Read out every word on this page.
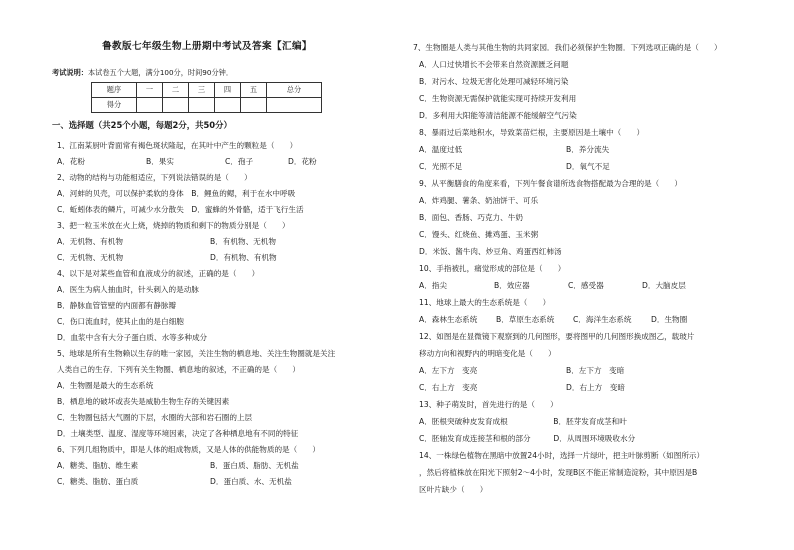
鲁教版七年级生物上册期中考试及答案【汇编】
考试说明：本试卷五个大题，满分100分，时间90分钟．
题序	一	二	三	四	五	总分
得分						
一、选择题（共25个小题，每题2分，共50分）
1、江南某厨叶背面常有褐色斑状隆起，在其叶中产生的颗粒是（　　）
A．花粉	B．果实	C．孢子	D．花粉
2、动物的结构与功能相适应，下列说法错误的是（　　）
A．河蚌的贝壳，可以保护柔软的身体　B．鲤鱼的鳃，利于在水中呼吸
C．蚯蚓体表的鳞片，可减少水分散失　D．蜜蜂的外骨骼，适于飞行生活
3、把一粒玉米放在火上烧，烧掉的物质和剩下的物质分别是（　　）
A．无机物、有机物	B．有机物、无机物
C．无机物、无机物	D．有机物、有机物
4、以下是对某些血管和血液成分的叙述，正确的是（　　）
A．医生为病人抽血时，针头刺入的是动脉
B．静脉血管管壁的内面都有静脉瓣
C．伤口流血时，使其止血的是白细胞
D．血浆中含有大分子蛋白质、水等多种成分
5、地球是所有生物赖以生存的唯一家园，关注生物的栖息地、关注生物圈就是关注
人类自己的生存．下列有关生物圈、栖息地的叙述，不正确的是（　　）
A．生物圈是最大的生态系统
B．栖息地的破坏或丧失是威胁生物生存的关键因素
C．生物圈包括大气圈的下层，水圈的大部和岩石圈的上层
D．土壤类型、温度、湿度等环境因素，决定了各种栖息地有不同的特征
6、下列几组物质中，即是人体的组成物质，又是人体的供能物质的是（　　）
A．糖类、脂肪、维生素	B．蛋白质、脂肪、无机盐
C．糖类、脂肪、蛋白质	D．蛋白质、水、无机盐
7、生物圈是人类与其他生物的共同家园．我们必须保护生物圈．下列选项正确的是（　　）
A．人口过快增长不会带来自然资源匮乏问题
B．对污水、垃圾无害化处理可减轻环境污染
C．生物资源无需保护就能实现可持续开发利用
D．多利用大阳能等清洁能源不能缓解空气污染
8、暴雨过后菜地积水，导致菜苗烂根，主要原因是土壤中（　　）
A．温度过低	B．养分流失
C．光照不足	D．氧气不足
9、从平衡膳食的角度来看，下列午餐食谱所选食物搭配最为合理的是（　　）
A．炸鸡腿、薯条、奶油饼干、可乐
B．面包、香肠、巧克力、牛奶
C．馒头、红烧鱼、摊鸡蛋、玉米粥
D．米饭、酱牛肉、炒豆角、鸡蛋西红柿汤
10、手指被扎，痛觉形成的部位是（　　）
A．指尖	B．效应器	C．感受器	D．大脑皮层
11、地球上最大的生态系统是（　　）
A．森林生态系统 B．草原生态系统 C．海洋生态系统	D．生物圈
12、如图是在显微镜下观察到的几何图形，要将图甲的几何图形换成图乙，载玻片
移动方向和视野内的明暗变化是（　　）
A．左下方　变亮	B．左下方　变暗
C．右上方　变亮	D．右上方　变暗
13、种子萌发时，首先进行的是（　　）
A．胚根突破种皮发育成根　　　　　　B．胚芽发育成茎和叶
C．胚轴发育成连接茎和根的部分　　　D．从周围环境吸收水分
14、一株绿色植物在黑暗中放置24小时，选择一片绿叶，把主叶脉剪断（如图所示）
，然后将植株放在阳光下照射2～4小时，发现B区不能正常制造淀粉，其中原因是B
区叶片缺少（　　）
